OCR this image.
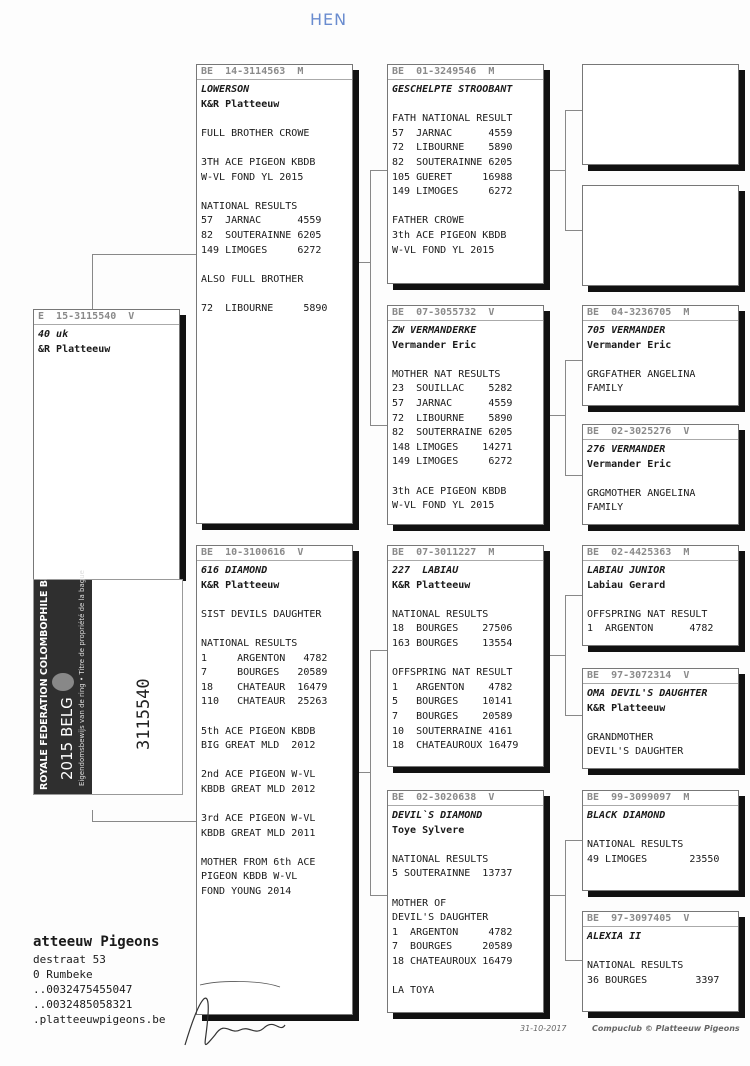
HEN
E  15-3115540  V
40 uk
&R Platteeuw
ROYALE FEDERATION COLOMBOPHILE BELGE 2015 BELG Eigendomsbewijs van de ring • Titre de propriété de la bague	3115540
BE  14-3114563  M
LOWERSON
K&R Platteeuw
FULL BROTHER CROWE
3TH ACE PIGEON KBDB
W-VL FOND YL 2015
NATIONAL RESULTS
57  JARNAC      4559
82  SOUTERAINNE 6205
149 LIMOGES     6272
ALSO FULL BROTHER
72  LIBOURNE     5890
BE  10-3100616  V
616 DIAMOND
K&R Platteeuw
SIST DEVILS DAUGHTER
NATIONAL RESULTS
1     ARGENTON   4782
7     BOURGES   20589
18    CHATEAUR  16479
110   CHATEAUR  25263
5th ACE PIGEON KBDB
BIG GREAT MLD  2012
2nd ACE PIGEON W-VL
KBDB GREAT MLD 2012
3rd ACE PIGEON W-VL
KBDB GREAT MLD 2011
MOTHER FROM 6th ACE
PIGEON KBDB W-VL
FOND YOUNG 2014
BE  01-3249546  M
GESCHELPTE STROOBANT
FATH NATIONAL RESULT
57  JARNAC      4559
72  LIBOURNE    5890
82  SOUTERAINNE 6205
105 GUERET     16988
149 LIMOGES     6272
FATHER CROWE
3th ACE PIGEON KBDB
W-VL FOND YL 2015
BE  07-3055732  V
ZW VERMANDERKE
Vermander Eric
MOTHER NAT RESULTS
23  SOUILLAC    5282
57  JARNAC      4559
72  LIBOURNE    5890
82  SOUTERRAINE 6205
148 LIMOGES    14271
149 LIMOGES     6272
3th ACE PIGEON KBDB
W-VL FOND YL 2015
BE  07-3011227  M
227  LABIAU
K&R Platteeuw
NATIONAL RESULTS
18  BOURGES    27506
163 BOURGES    13554
OFFSPRING NAT RESULT
1   ARGENTON    4782
5   BOURGES    10141
7   BOURGES    20589
10  SOUTERRAINE 4161
18  CHATEAUROUX 16479
BE  02-3020638  V
DEVIL`S DIAMOND
Toye Sylvere
NATIONAL RESULTS
5 SOUTERAINNE  13737
MOTHER OF
DEVIL'S DAUGHTER
1  ARGENTON     4782
7  BOURGES     20589
18 CHATEAUROUX 16479
LA TOYA
BE  04-3236705  M
705 VERMANDER
Vermander Eric
GRGFATHER ANGELINA
FAMILY
BE  02-3025276  V
276 VERMANDER
Vermander Eric
GRGMOTHER ANGELINA
FAMILY
BE  02-4425363  M
LABIAU JUNIOR
Labiau Gerard
OFFSPRING NAT RESULT
1  ARGENTON      4782
BE  97-3072314  V
OMA DEVIL'S DAUGHTER
K&R Platteeuw
GRANDMOTHER
DEVIL'S DAUGHTER
BE  99-3099097  M
BLACK DIAMOND
NATIONAL RESULTS
49 LIMOGES       23550
BE  97-3097405  V
ALEXIA II
NATIONAL RESULTS
36 BOURGES        3397
atteeuw Pigeons
destraat 53
0 Rumbeke
..0032475455047
..0032485058321
.platteeuwpigeons.be
31-10-2017	Compuclub © Platteeuw Pigeons
